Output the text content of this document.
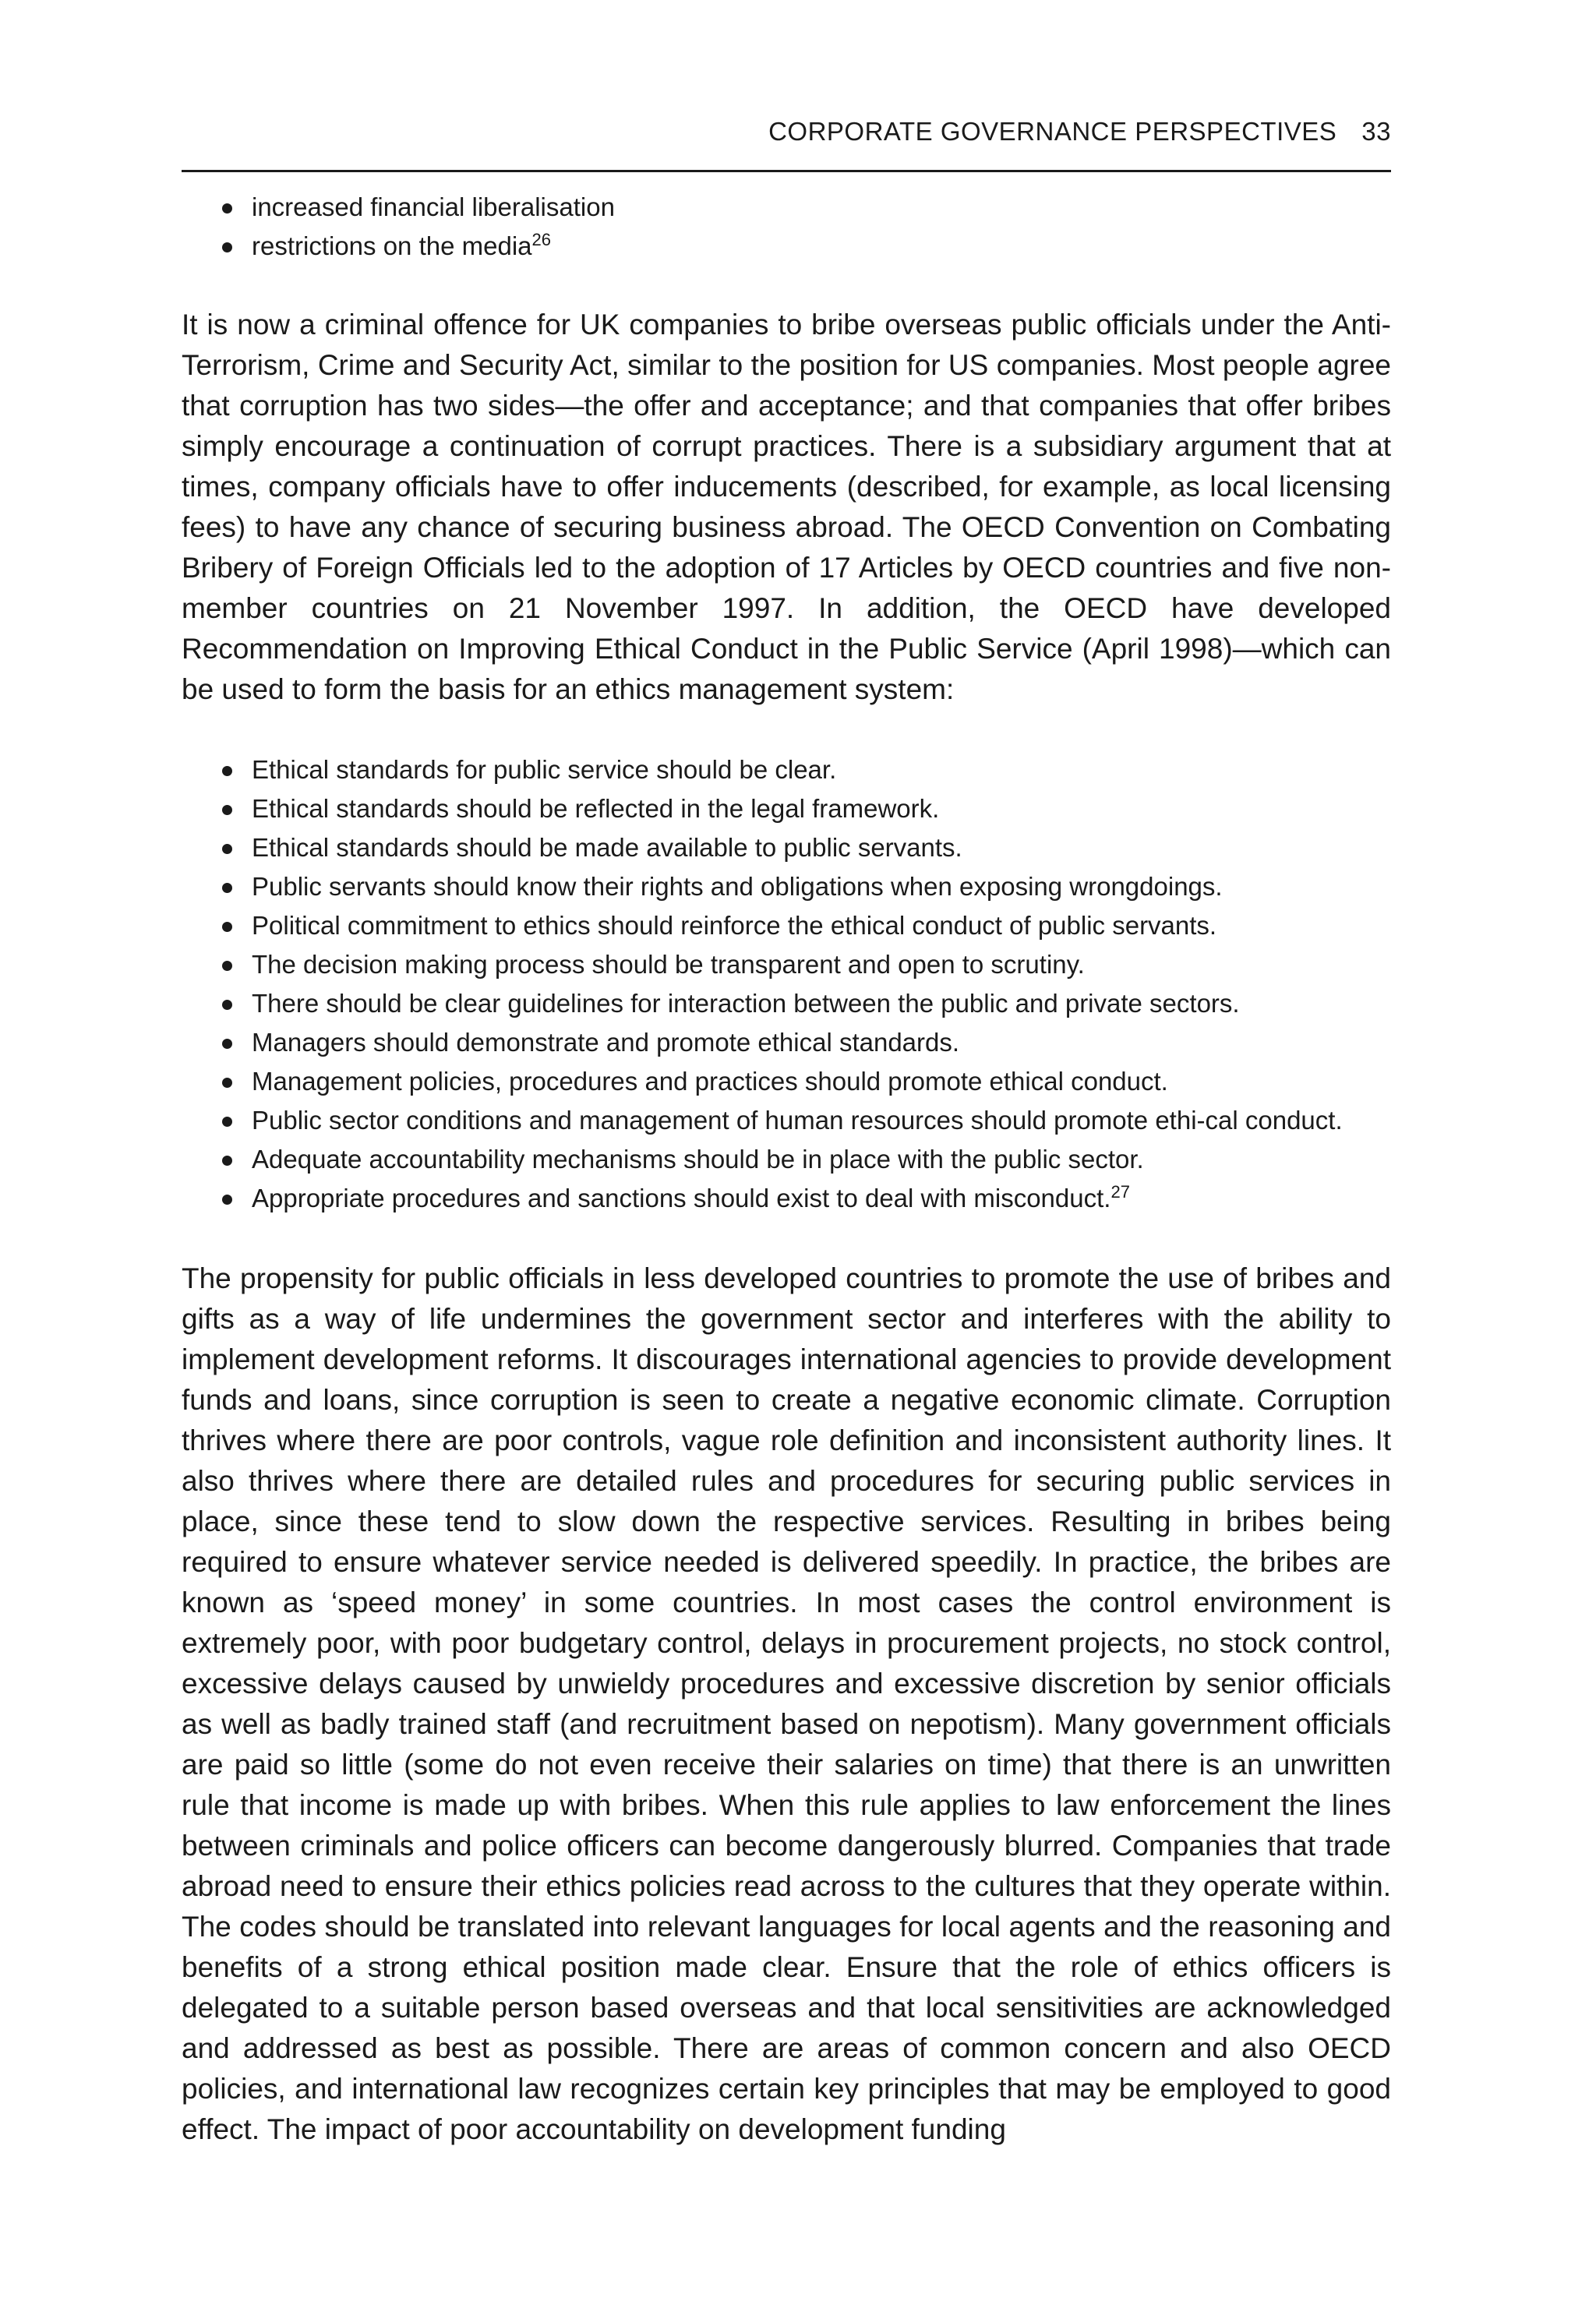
CORPORATE GOVERNANCE PERSPECTIVES 33
increased financial liberalisation
restrictions on the media$^{26}$

It is now a criminal offence for UK companies to bribe overseas public officials under the Anti-Terrorism, Crime and Security Act, similar to the position for US companies. Most people agree that corruption has two sides—the offer and acceptance; and that companies that offer bribes simply encourage a continuation of corrupt practices. There is a subsidiary argument that at times, company officials have to offer inducements (described, for example, as local licensing fees) to have any chance of securing business abroad. The OECD Convention on Combating Bribery of Foreign Officials led to the adoption of 17 Articles by OECD countries and five non-member countries on 21 November 1997. In addition, the OECD have developed Recommendation on Improving Ethical Conduct in the Public Service (April 1998)—which can be used to form the basis for an ethics management system:

Ethical standards for public service should be clear.
Ethical standards should be reflected in the legal framework.
Ethical standards should be made available to public servants.
Public servants should know their rights and obligations when exposing wrongdoings.
Political commitment to ethics should reinforce the ethical conduct of public servants.
The decision making process should be transparent and open to scrutiny.
There should be clear guidelines for interaction between the public and private sectors.
Managers should demonstrate and promote ethical standards.
Management policies, procedures and practices should promote ethical conduct.
Public sector conditions and management of human resources should promote ethi-cal conduct.
Adequate accountability mechanisms should be in place with the public sector.
Appropriate procedures and sanctions should exist to deal with misconduct.$^{27}$

The propensity for public officials in less developed countries to promote the use of bribes and gifts as a way of life undermines the government sector and interferes with the ability to implement development reforms. It discourages international agencies to provide development funds and loans, since corruption is seen to create a negative economic climate. Corruption thrives where there are poor controls, vague role definition and inconsistent authority lines. It also thrives where there are detailed rules and procedures for securing public services in place, since these tend to slow down the respective services. Resulting in bribes being required to ensure whatever service needed is delivered speedily. In practice, the bribes are known as ‘speed money’ in some countries. In most cases the control environment is extremely poor, with poor budgetary control, delays in procurement projects, no stock control, excessive delays caused by unwieldy procedures and excessive discretion by senior officials as well as badly trained staff (and recruitment based on nepotism). Many government officials are paid so little (some do not even receive their salaries on time) that there is an unwritten rule that income is made up with bribes. When this rule applies to law enforcement the lines between criminals and police officers can become dangerously blurred. Companies that trade abroad need to ensure their ethics policies read across to the cultures that they operate within. The codes should be translated into relevant languages for local agents and the reasoning and benefits of a strong ethical position made clear. Ensure that the role of ethics officers is delegated to a suitable person based overseas and that local sensitivities are acknowledged and addressed as best as possible. There are areas of common concern and also OECD policies, and international law recognizes certain key principles that may be employed to good effect. The impact of poor accountability on development funding
